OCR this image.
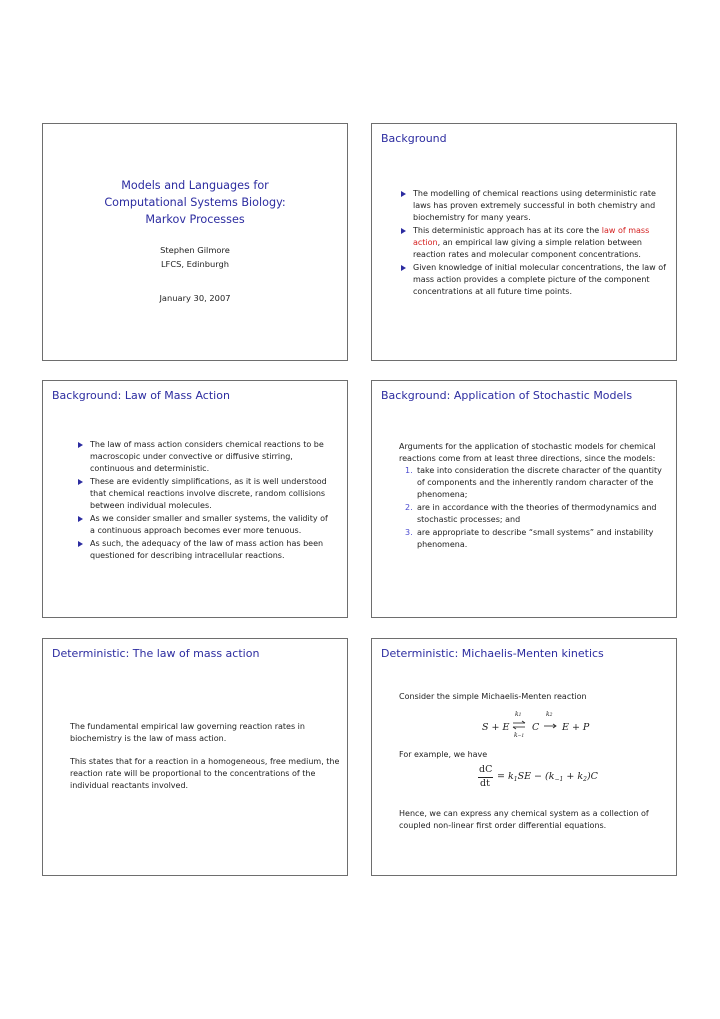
Models and Languages for
Computational Systems Biology:
Markov Processes
Stephen Gilmore
LFCS, Edinburgh
January 30, 2007
Background
The modelling of chemical reactions using deterministic rate laws has proven extremely successful in both chemistry and biochemistry for many years.
This deterministic approach has at its core the law of mass action, an empirical law giving a simple relation between reaction rates and molecular component concentrations.
Given knowledge of initial molecular concentrations, the law of mass action provides a complete picture of the component concentrations at all future time points.
Background: Law of Mass Action
The law of mass action considers chemical reactions to be macroscopic under convective or diffusive stirring, continuous and deterministic.
These are evidently simplifications, as it is well understood that chemical reactions involve discrete, random collisions between individual molecules.
As we consider smaller and smaller systems, the validity of a continuous approach becomes ever more tenuous.
As such, the adequacy of the law of mass action has been questioned for describing intracellular reactions.
Background: Application of Stochastic Models
Arguments for the application of stochastic models for chemical reactions come from at least three directions, since the models:
1. take into consideration the discrete character of the quantity of components and the inherently random character of the phenomena;
2. are in accordance with the theories of thermodynamics and stochastic processes; and
3. are appropriate to describe “small systems” and instability phenomena.
Deterministic: The law of mass action
The fundamental empirical law governing reaction rates in biochemistry is the law of mass action.
This states that for a reaction in a homogeneous, free medium, the reaction rate will be proportional to the concentrations of the individual reactants involved.
Deterministic: Michaelis-Menten kinetics
Consider the simple Michaelis-Menten reaction
S + E
k1
k−1
C
k2
E + P
For example, we have
dC
dt
= $k_1SE - (k_{-1} + k_2)C$
Hence, we can express any chemical system as a collection of coupled non-linear first order differential equations.
